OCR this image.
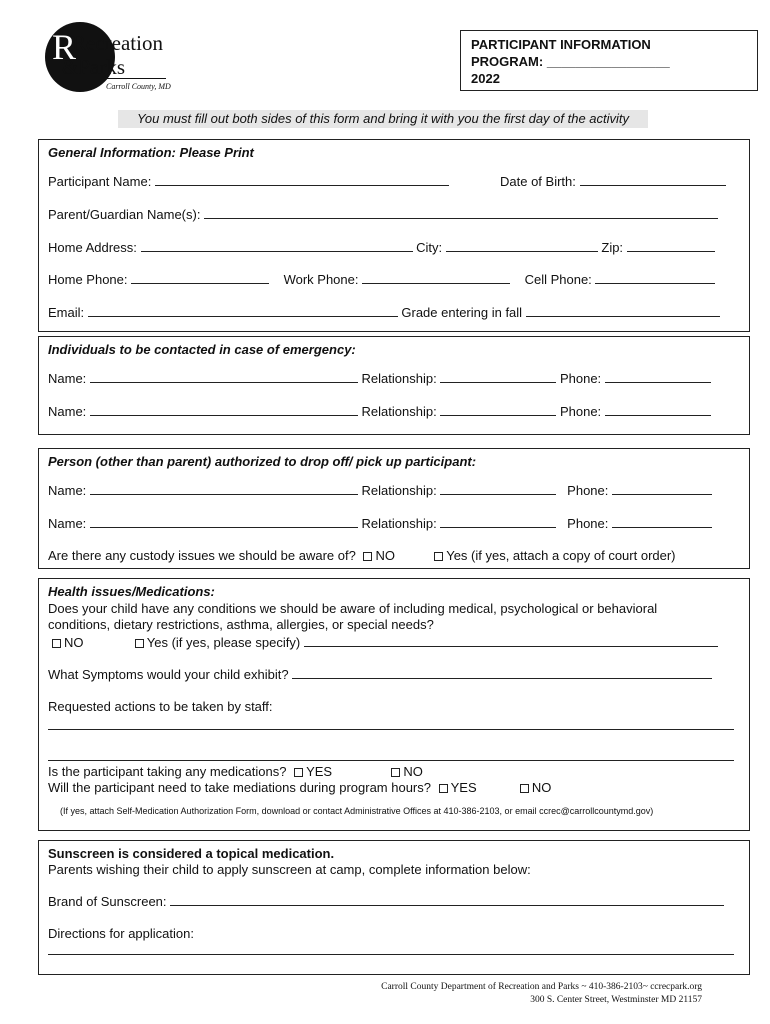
R
Recreation
&Parks
Carroll County, MD
PARTICIPANT INFORMATION
PROGRAM: _________________
2022
You must fill out both sides of this form and bring it with you the first day of the activity
General Information: Please Print
Participant Name:	Date of Birth:
Parent/Guardian Name(s):
Home Address:	City:	Zip:
Home Phone:	Work Phone:	Cell Phone:
Email:	Grade entering in fall
Individuals to be contacted in case of emergency:
Name:	Relationship:	Phone:
Name:	Relationship:	Phone:
Person (other than parent) authorized to drop off/ pick up participant:
Name:	Relationship:	Phone:
Name:	Relationship:	Phone:
Are there any custody issues we should be aware of? NO	Yes (if yes, attach a copy of court order)
Health issues/Medications:
Does your child have any conditions we should be aware of including medical, psychological or behavioral
conditions, dietary restrictions, asthma, allergies, or special needs?
NO	Yes (if yes, please specify)
What Symptoms would your child exhibit?
Requested actions to be taken by staff:
Is the participant taking any medications? YES	NO
Will the participant need to take mediations during program hours? YES	NO
(If yes, attach Self-Medication Authorization Form, download or contact Administrative Offices at 410-386-2103, or email ccrec@carrollcountymd.gov)
Sunscreen is considered a topical medication.
Parents wishing their child to apply sunscreen at camp, complete information below:
Brand of Sunscreen:
Directions for application:
Carroll County Department of Recreation and Parks ~ 410-386-2103~ ccrecpark.org
300 S. Center Street, Westminster MD 21157
